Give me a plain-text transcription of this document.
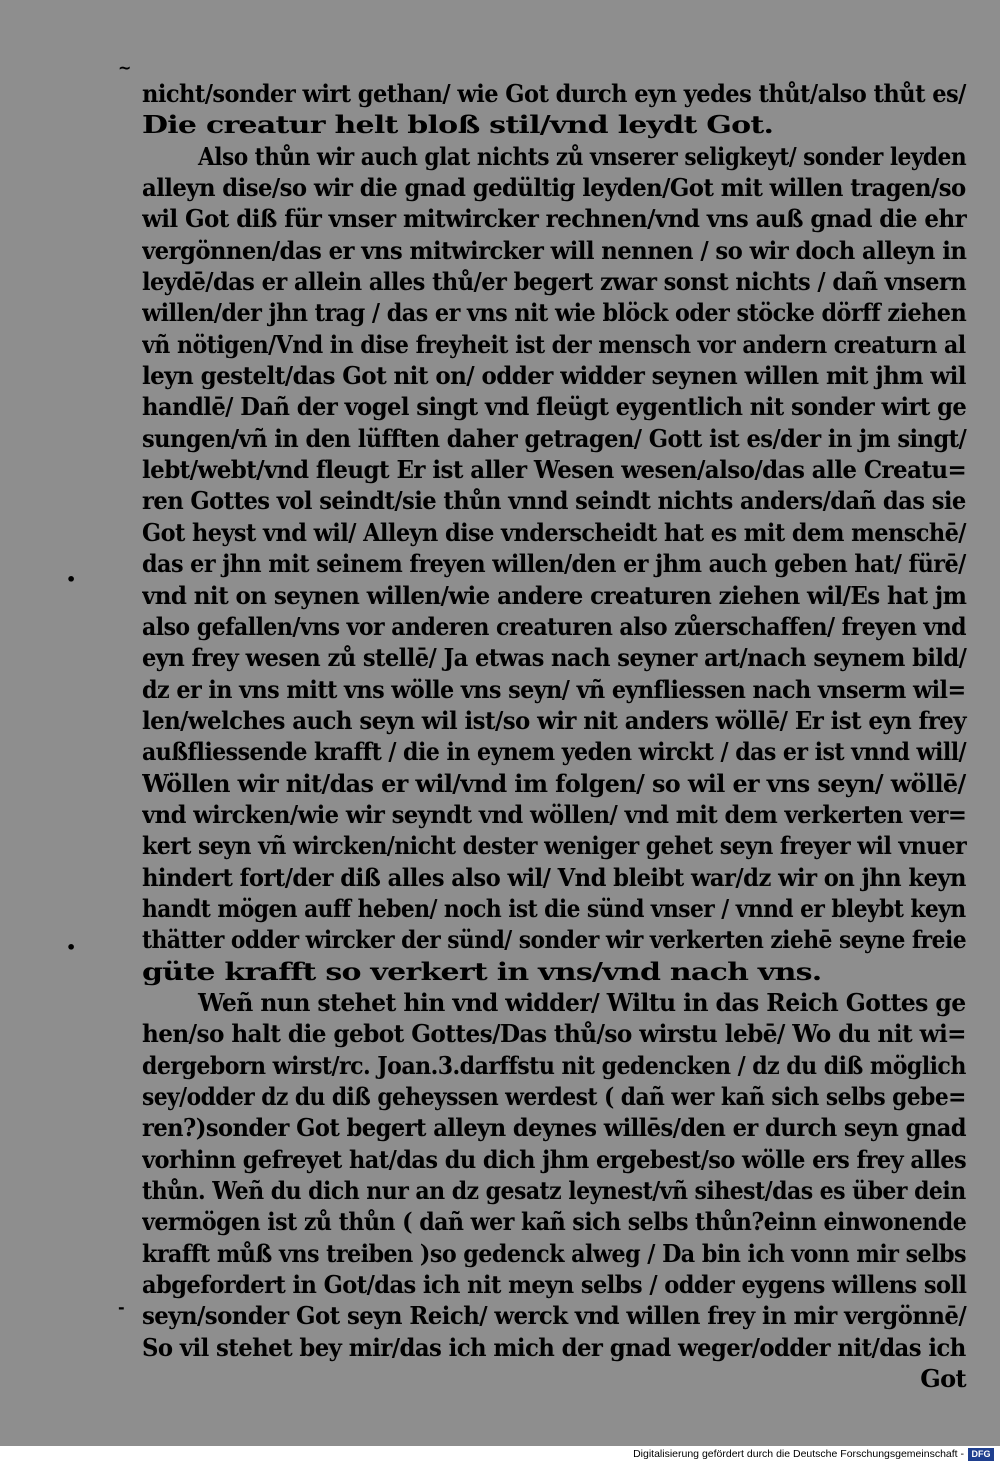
~
•
•
-
nicht/sonder wirt gethan/ wie Got durch eyn yedes thůt/also thůt es/
Die creatur helt bloß stil/vnd leydt Got.
Also thůn wir auch glat nichts zů vnserer seligkeyt/ sonder leyden
alleyn dise/so wir die gnad gedültig leyden/Got mit willen tragen/so
wil Got diß für vnser mitwircker rechnen/vnd vns auß gnad die ehr
vergönnen/das er vns mitwircker will nennen / so wir doch alleyn in
leydē/das er allein alles thů/er begert zwar sonst nichts / dañ vnsern
willen/der jhn trag / das er vns nit wie blöck oder stöcke dörff ziehen
vñ nötigen/Vnd in dise freyheit ist der mensch vor andern creaturn al
leyn gestelt/das Got nit on/ odder widder seynen willen mit jhm wil
handlē/ Dañ der vogel singt vnd fleügt eygentlich nit sonder wirt ge
sungen/vñ in den lüfften daher getragen/ Gott ist es/der in jm singt/
lebt/webt/vnd fleugt Er ist aller Wesen wesen/also/das alle Creatu=
ren Gottes vol seindt/sie thůn vnnd seindt nichts anders/dañ das sie
Got heyst vnd wil/ Alleyn dise vnderscheidt hat es mit dem menschē/
das er jhn mit seinem freyen willen/den er jhm auch geben hat/ fürē/
vnd nit on seynen willen/wie andere creaturen ziehen wil/Es hat jm
also gefallen/vns vor anderen creaturen also zůerschaffen/ freyen vnd
eyn frey wesen zů stellē/ Ja etwas nach seyner art/nach seynem bild/
dz er in vns mitt vns wölle vns seyn/ vñ eynfliessen nach vnserm wil=
len/welches auch seyn wil ist/so wir nit anders wöllē/ Er ist eyn frey
außfliessende krafft / die in eynem yeden wirckt / das er ist vnnd will/
Wöllen wir nit/das er wil/vnd im folgen/ so wil er vns seyn/ wöllē/
vnd wircken/wie wir seyndt vnd wöllen/ vnd mit dem verkerten ver=
kert seyn vñ wircken/nicht dester weniger gehet seyn freyer wil vnuer
hindert fort/der diß alles also wil/ Vnd bleibt war/dz wir on jhn keyn
handt mögen auff heben/ noch ist die sünd vnser / vnnd er bleybt keyn
thätter odder wircker der sünd/ sonder wir verkerten ziehē seyne freie
güte krafft so verkert in vns/vnd nach vns.
Weñ nun stehet hin vnd widder/ Wiltu in das Reich Gottes ge
hen/so halt die gebot Gottes/Das thů/so wirstu lebē/ Wo du nit wi=
dergeborn wirst/rc. Joan.3.darffstu nit gedencken / dz du diß möglich
sey/odder dz du diß geheyssen werdest ( dañ wer kañ sich selbs gebe=
ren?)sonder Got begert alleyn deynes willēs/den er durch seyn gnad
vorhinn gefreyet hat/das du dich jhm ergebest/so wölle ers frey alles
thůn. Weñ du dich nur an dz gesatz leynest/vñ sihest/das es über dein
vermögen ist zů thůn ( dañ wer kañ sich selbs thůn?einn einwonende
krafft můß vns treiben )so gedenck alweg / Da bin ich vonn mir selbs
abgefordert in Got/das ich nit meyn selbs / odder eygens willens soll
seyn/sonder Got seyn Reich/ werck vnd willen frey in mir vergönnē/
So vil stehet bey mir/das ich mich der gnad weger/odder nit/das ich
Got
Digitalisierung gefördert durch die Deutsche Forschungsgemeinschaft - DFG
